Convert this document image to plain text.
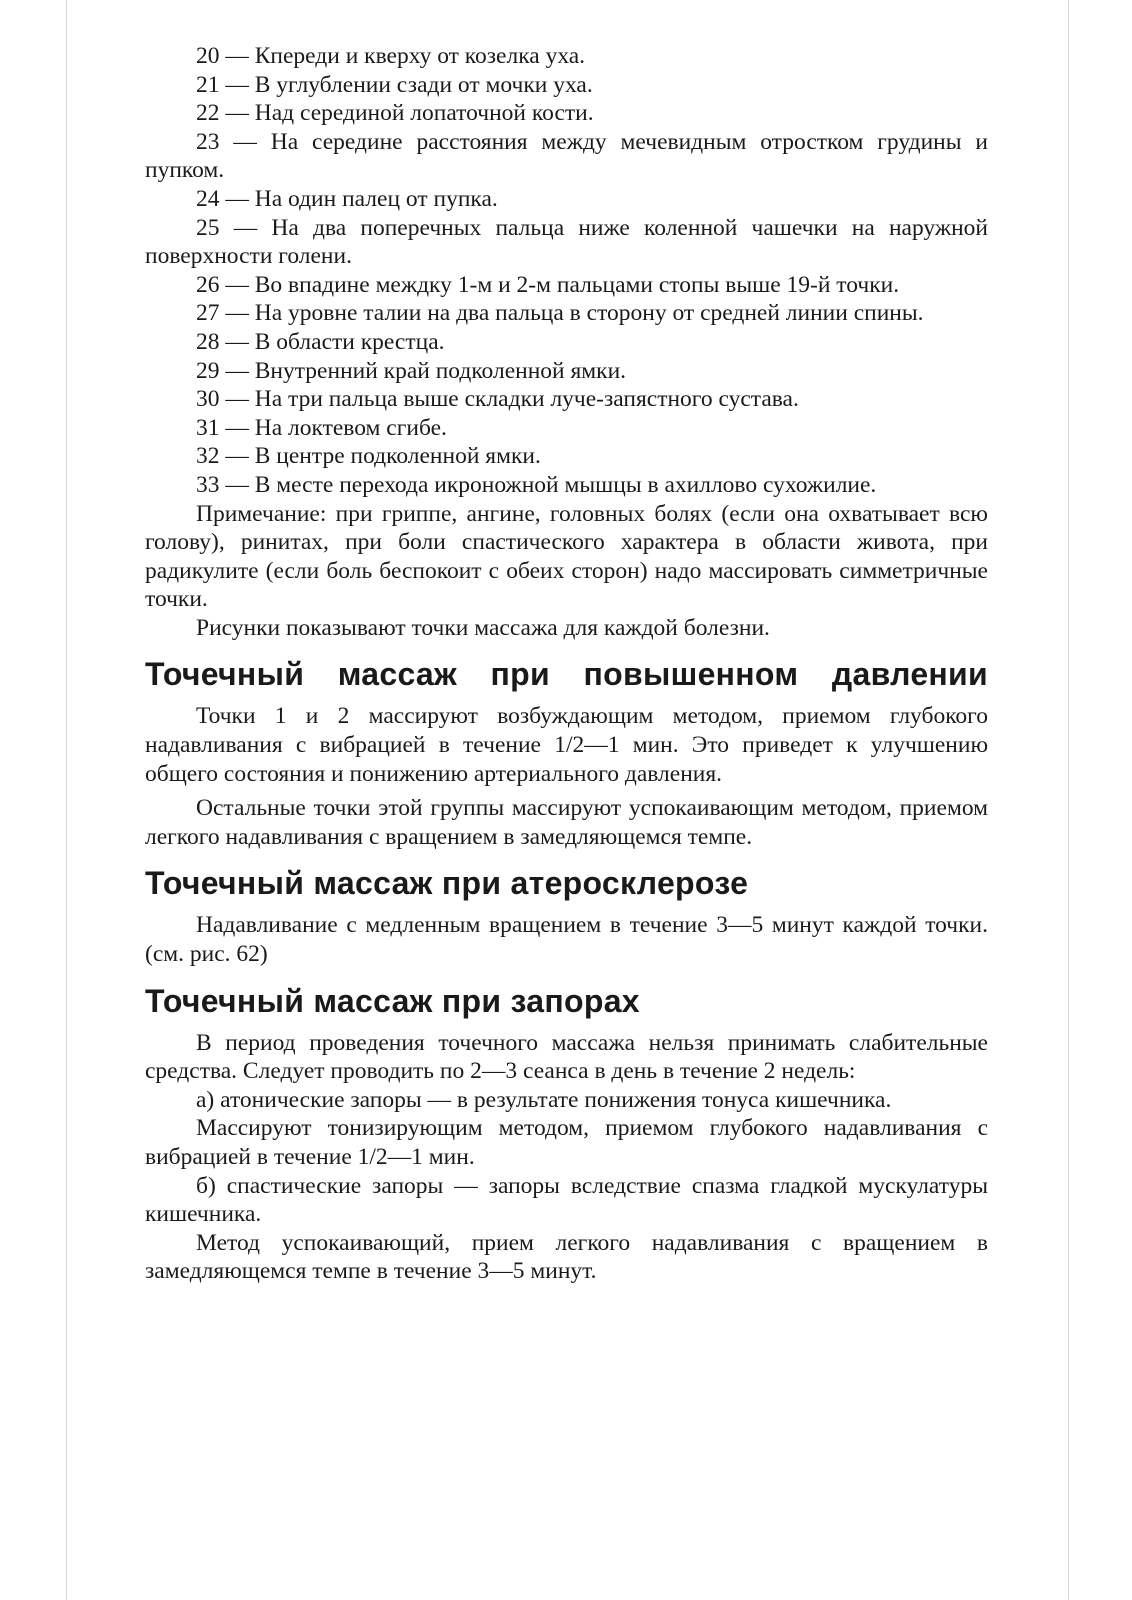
20 — Кпереди и кверху от козелка уха.

21 — В углублении сзади от мочки уха.

22 — Над серединой лопаточной кости.

23 — На середине расстояния между мечевидным отростком грудины и пупком.

24 — На один палец от пупка.

25 — На два поперечных пальца ниже коленной чашечки на наружной поверхности голени.

26 — Во впадине междку 1-м и 2-м пальцами стопы выше 19-й точки.

27 — На уровне талии на два пальца в сторону от средней линии спины.

28 — В области крестца.

29 — Внутренний край подколенной ямки.

30 — На три пальца выше складки луче-запястного сустава.

31 — На локтевом сгибе.

32 — В центре подколенной ямки.

33 — В месте перехода икроножной мышцы в ахиллово сухожилие.

Примечание: при гриппе, ангине, головных болях (если она охватывает всю голову), ринитах, при боли спастического характера в области живота, при радикулите (если боль беспокоит с обеих сторон) надо массировать симметричные точки.

Рисунки показывают точки массажа для каждой болезни.

Точечный массаж при повышенном давлении

Точки 1 и 2 массируют возбуждающим методом, приемом глубокого надавливания с вибрацией в течение 1/2—1 мин. Это приведет к улучшению общего состояния и понижению артериального давления.

Остальные точки этой группы массируют успокаивающим методом, приемом легкого надавливания с вращением в замедляющемся темпе.

Точечный массаж при атеросклерозе

Надавливание с медленным вращением в течение 3—5 минут каждой точки. (см. рис. 62)

Точечный массаж при запорах

В период проведения точечного массажа нельзя принимать слабительные средства. Следует проводить по 2—3 сеанса в день в течение 2 недель:

а) атонические запоры — в результате понижения тонуса кишечника.

Массируют тонизирующим методом, приемом глубокого надавливания с вибрацией в течение 1/2—1 мин.

б) спастические запоры — запоры вследствие спазма гладкой мускулатуры кишечника.

Метод успокаивающий, прием легкого надавливания с вращением в замедляющемся темпе в течение 3—5 минут.
